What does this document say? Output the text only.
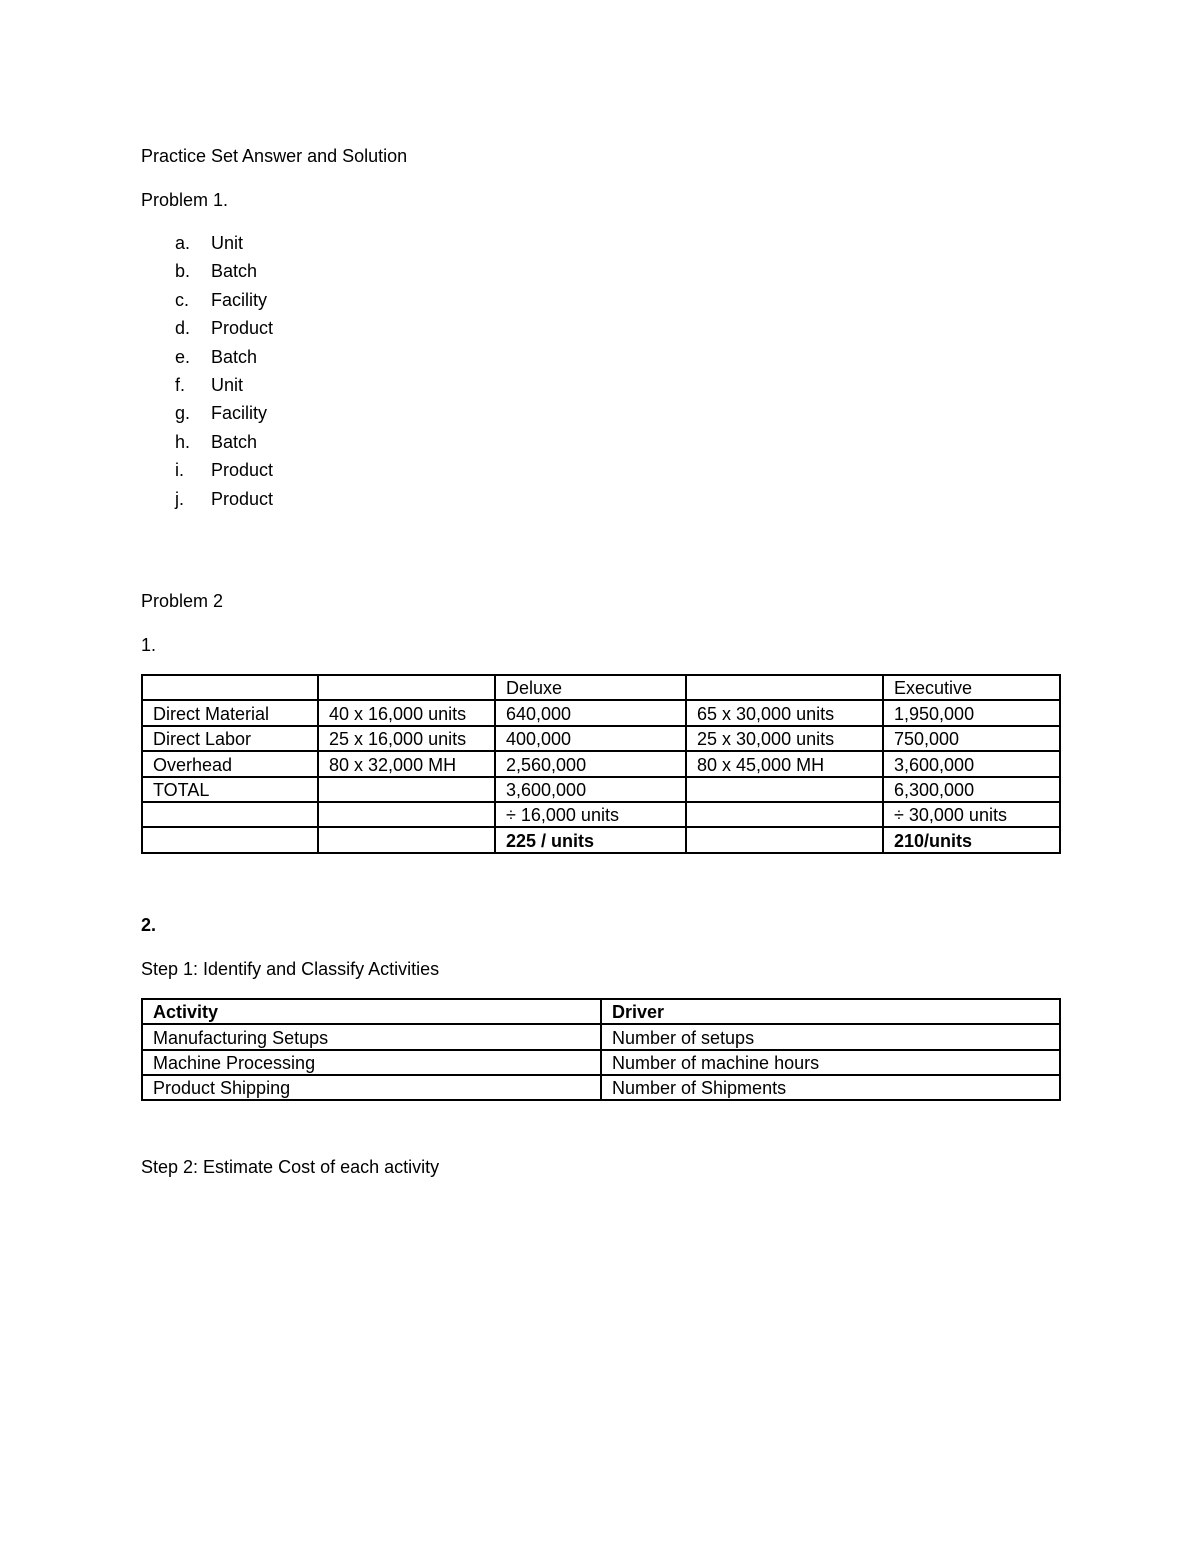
Practice Set Answer and Solution
Problem 1.
a. Unit
b. Batch
c. Facility
d. Product
e. Batch
f. Unit
g. Facility
h. Batch
i. Product
j. Product
Problem 2
1.
		Deluxe		Executive
Direct Material	40 x 16,000 units	640,000	65 x 30,000 units	1,950,000
Direct Labor	25 x 16,000 units	400,000	25 x 30,000 units	750,000
Overhead	80 x 32,000 MH	2,560,000	80 x 45,000 MH	3,600,000
TOTAL		3,600,000		6,300,000
		÷ 16,000 units		÷ 30,000 units
		225 / units		210/units
2.
Step 1: Identify and Classify Activities
Activity	Driver
Manufacturing Setups	Number of setups
Machine Processing	Number of machine hours
Product Shipping	Number of Shipments
Step 2: Estimate Cost of each activity
